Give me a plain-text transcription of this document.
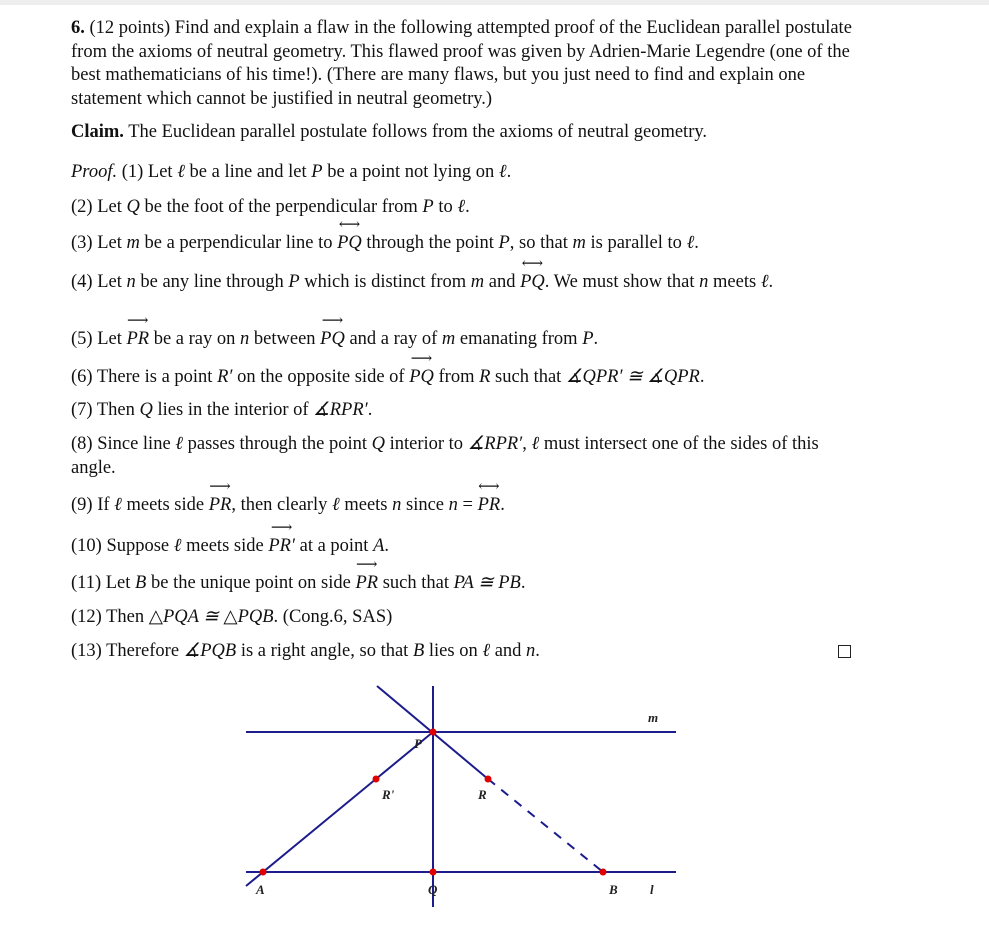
6. (12 points) Find and explain a flaw in the following attempted proof of the Euclidean parallel postulate from the axioms of neutral geometry. This flawed proof was given by Adrien-Marie Legendre (one of the best mathematicians of his time!). (There are many flaws, but you just need to find and explain one statement which cannot be justified in neutral geometry.)
Claim. The Euclidean parallel postulate follows from the axioms of neutral geometry.
Proof. (1) Let ℓ be a line and let P be a point not lying on ℓ.
(2) Let Q be the foot of the perpendicular from P to ℓ.
(3) Let m be a perpendicular line to ⟷ PQ through the point P, so that m is parallel to ℓ.
(4) Let n be any line through P which is distinct from m and ⟷ PQ. We must show that n meets ℓ.
(5) Let ⟶ PR be a ray on n between ⟶ PQ and a ray of m emanating from P.
(6) There is a point R′ on the opposite side of ⟶ PQ from R such that ∡QPR′ ≅ ∡QPR.
(7) Then Q lies in the interior of ∡RPR′.
(8) Since line ℓ passes through the point Q interior to ∡RPR′, ℓ must intersect one of the sides of this angle.
(9) If ℓ meets side ⟶ PR, then clearly ℓ meets n since n = ⟷ PR.
(10) Suppose ℓ meets side ⟶ PR′ at a point A.
(11) Let B be the unique point on side ⟶ PR such that PA ≅ PB.
(12) Then △PQA ≅ △PQB. (Cong.6, SAS)
(13) Therefore ∡PQB is a right angle, so that B lies on ℓ and n.
m
P
R'	R
A	Q	B l
